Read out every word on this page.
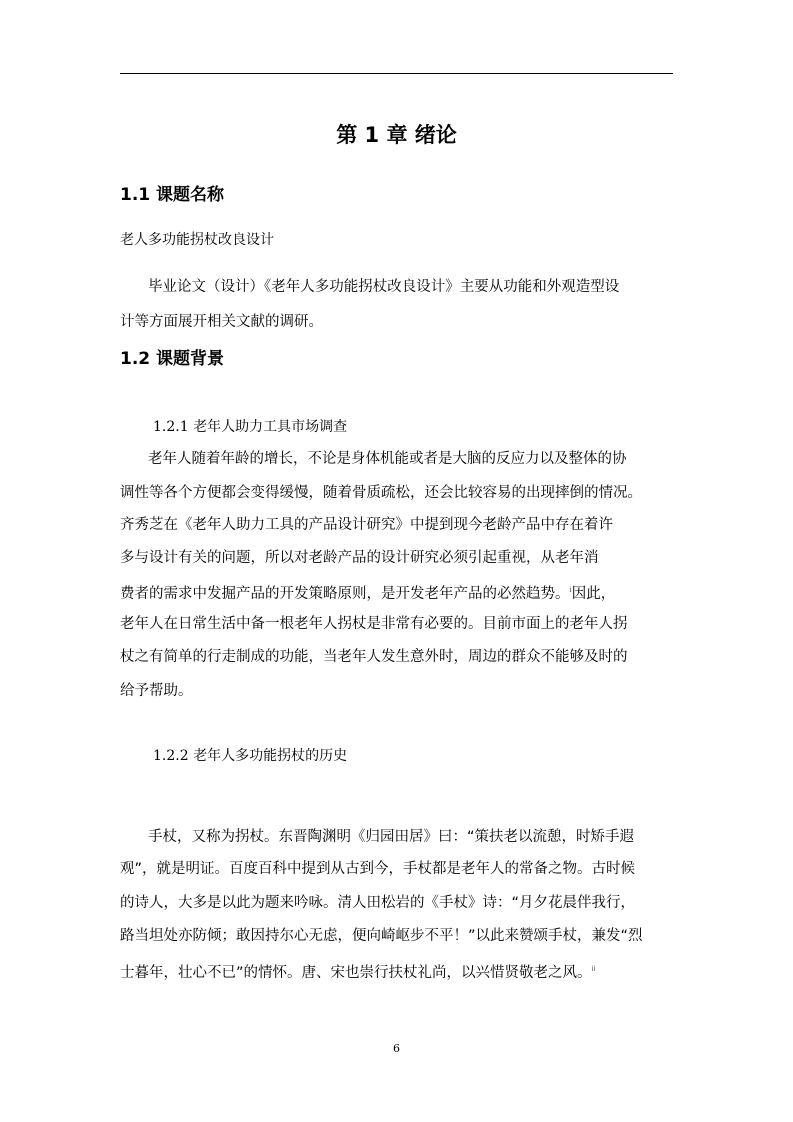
第 1 章 绪论
1.1 课题名称
老人多功能拐杖改良设计
毕业论文（设计）《老年人多功能拐杖改良设计》主要从功能和外观造型设
计等方面展开相关文献的调研。
1.2 课题背景
1.2.1 老年人助力工具市场调查
老年人随着年龄的增长，不论是身体机能或者是大脑的反应力以及整体的协
调性等各个方便都会变得缓慢，随着骨质疏松，还会比较容易的出现摔倒的情况。
齐秀芝在《老年人助力工具的产品设计研究》中提到现今老龄产品中存在着许
多与设计有关的问题，所以对老龄产品的设计研究必须引起重视，从老年消
费者的需求中发掘产品的开发策略原则，是开发老年产品的必然趋势。$^i$因此，
老年人在日常生活中备一根老年人拐杖是非常有必要的。目前市面上的老年人拐
杖之有简单的行走制成的功能，当老年人发生意外时，周边的群众不能够及时的
给予帮助。
1.2.2 老年人多功能拐杖的历史
手杖，又称为拐杖。东晋陶渊明《归园田居》曰：“策扶老以流憩，时矫手遐
观”，就是明证。百度百科中提到从古到今，手杖都是老年人的常备之物。古时候
的诗人，大多是以此为题来吟咏。清人田松岩的《手杖》诗：“月夕花晨伴我行，
路当坦处亦防倾；敢因持尔心无虑，便向崎岖步不平！”以此来赞颂手杖，兼发“烈
士暮年，壮心不已”的情怀。唐、宋也崇行扶杖礼尚，以兴惜贤敬老之风。$^{ii}$
6
